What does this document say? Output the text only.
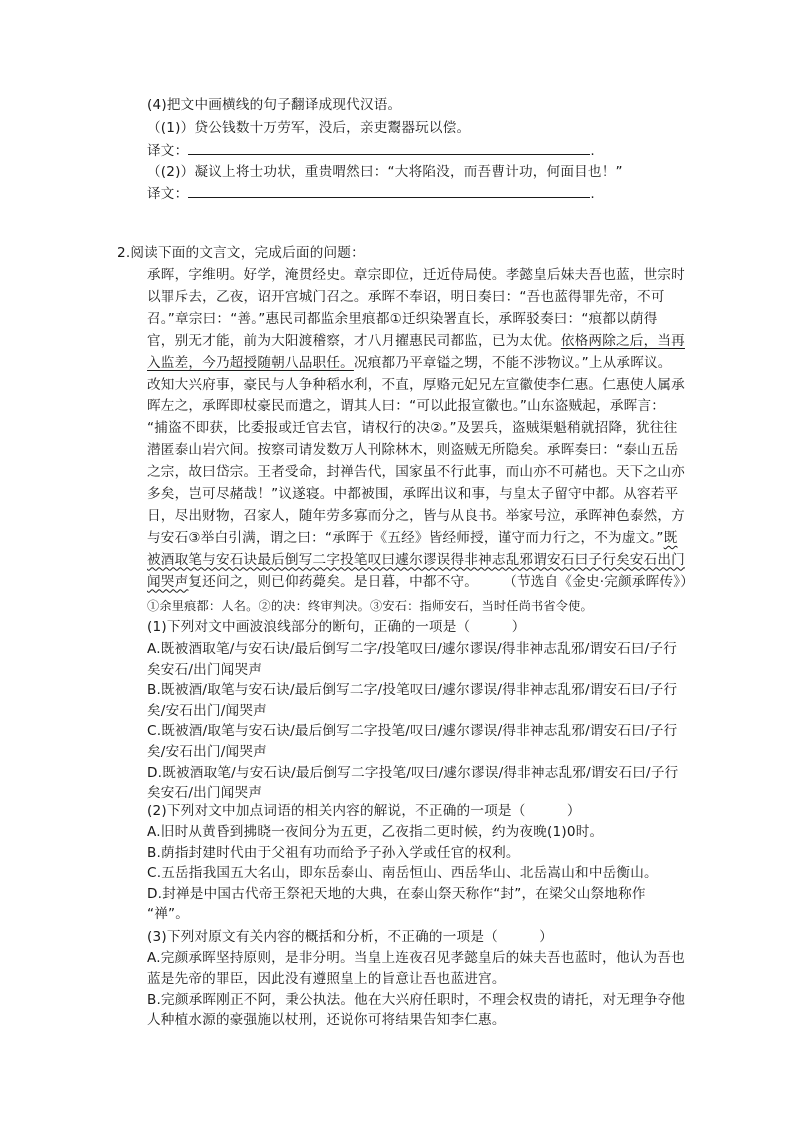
(4)把文中画横线的句子翻译成现代汉语。
（(1)）贷公钱数十万劳军，没后，亲吏鬻器玩以偿。
译文：	.
（(2)）凝议上将士功状，重贵喟然曰：“大将陷没，而吾曹计功，何面目也！”
译文：	.
2.阅读下面的文言文，完成后面的问题：
承晖，字维明。好学，淹贯经史。章宗即位，迁近侍局使。孝懿皇后妹夫吾也蓝，世宗时
以罪斥去，乙夜，诏开宫城门召之。承晖不奉诏，明日奏曰：“吾也蓝得罪先帝，不可
召。”章宗曰：“善。”惠民司都监余里痕都①迁织染署直长，承晖驳奏曰：“痕都以荫得
官，别无才能，前为大阳渡稽察，才八月擢惠民司都监，已为太优。依格两除之后，当再
入监差，今乃超授随朝八品职任。况痕都乃平章镒之甥，不能不涉物议。”上从承晖议。
改知大兴府事，豪民与人争种稻水利，不直，厚赂元妃兄左宣徽使李仁惠。仁惠使人属承
晖左之，承晖即杖豪民而遣之，谓其人曰：“可以此报宣徽也。”山东盗贼起，承晖言：
“捕盗不即获，比委报或迁官去官，请权行的决②。”及罢兵，盗贼渠魁稍就招降，犹往往
潜匿泰山岩穴间。按察司请发数万人刊除林木，则盗贼无所隐矣。承晖奏曰：“泰山五岳
之宗，故曰岱宗。王者受命，封禅告代，国家虽不行此事，而山亦不可赭也。天下之山亦
多矣，岂可尽赭哉！”议遂寝。中都被围，承晖出议和事，与皇太子留守中都。从容若平
日，尽出财物，召家人，随年劳多寡而分之，皆与从良书。举家号泣，承晖神色泰然，方
与安石③举白引满，谓之曰：“承晖于《五经》皆经师授，谨守而力行之，不为虚文。”既
被酒取笔与安石诀最后倒写二字投笔叹曰遽尔谬误得非神志乱邪谓安石曰子行矣安石出门
闻哭声复还问之，则已仰药薨矣。是日暮，中都不守。 （节选自《金史·完颜承晖传》）
①余里痕都：人名。②的决：终审判决。③安石：指师安石，当时任尚书省令使。
(1)下列对文中画波浪线部分的断句，正确的一项是（　　　）
A.既被酒取笔/与安石诀/最后倒写二字/投笔叹曰/遽尔谬误/得非神志乱邪/谓安石曰/子行
矣安石/出门闻哭声
B.既被酒/取笔与安石诀/最后倒写二字/投笔叹曰/遽尔谬误/得非神志乱邪/谓安石曰/子行
矣/安石出门/闻哭声
C.既被酒/取笔与安石诀/最后倒写二字投笔/叹曰/遽尔谬误/得非神志乱邪/谓安石曰/子行
矣/安石出门/闻哭声
D.既被酒取笔/与安石诀/最后倒写二字投笔/叹曰/遽尔谬误/得非神志乱邪/谓安石曰/子行
矣安石/出门闻哭声
(2)下列对文中加点词语的相关内容的解说，不正确的一项是（　　　）
A.旧时从黄昏到拂晓一夜间分为五更，乙夜指二更时候，约为夜晚(1)0时。
B.荫指封建时代由于父祖有功而给予子孙入学或任官的权利。
C.五岳指我国五大名山，即东岳泰山、南岳恒山、西岳华山、北岳嵩山和中岳衡山。
D.封禅是中国古代帝王祭祀天地的大典，在泰山祭天称作“封”，在梁父山祭地称作
“禅”。
(3)下列对原文有关内容的概括和分析，不正确的一项是（　　　）
A.完颜承晖坚持原则，是非分明。当皇上连夜召见孝懿皇后的妹夫吾也蓝时，他认为吾也
蓝是先帝的罪臣，因此没有遵照皇上的旨意让吾也蓝进宫。
B.完颜承晖刚正不阿，秉公执法。他在大兴府任职时，不理会权贵的请托，对无理争夺他
人种植水源的豪强施以杖刑，还说你可将结果告知李仁惠。
